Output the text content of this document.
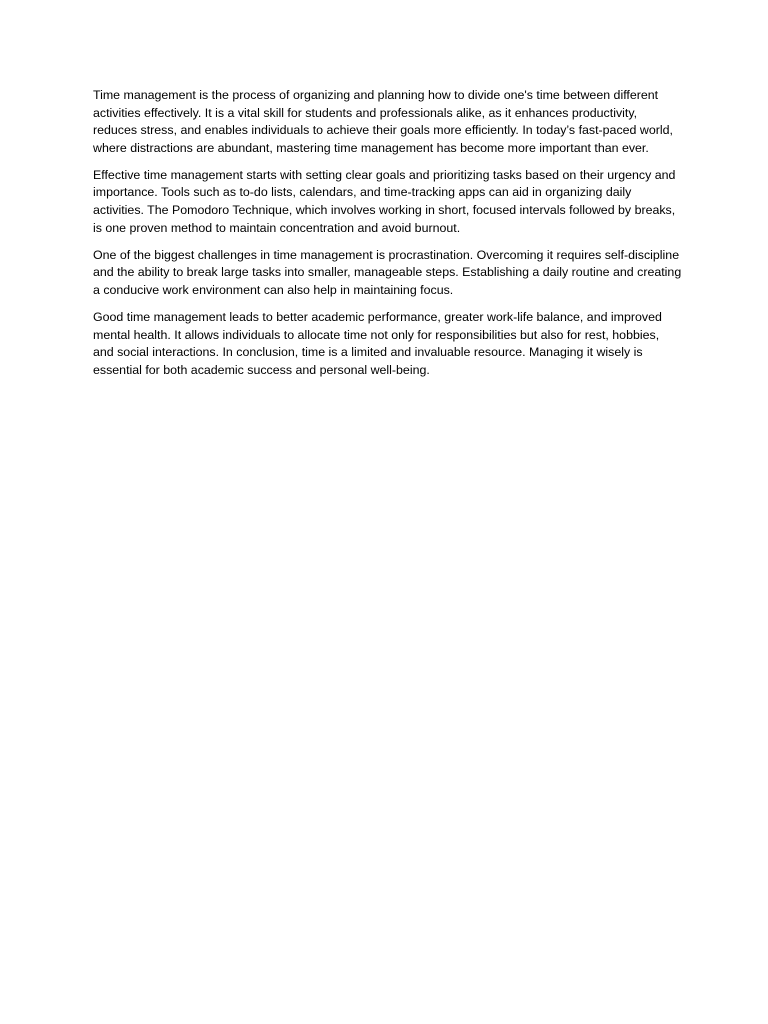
Time management is the process of organizing and planning how to divide one's time between different activities effectively. It is a vital skill for students and professionals alike, as it enhances productivity, reduces stress, and enables individuals to achieve their goals more efficiently. In today’s fast-paced world, where distractions are abundant, mastering time management has become more important than ever.

Effective time management starts with setting clear goals and prioritizing tasks based on their urgency and importance. Tools such as to-do lists, calendars, and time-tracking apps can aid in organizing daily activities. The Pomodoro Technique, which involves working in short, focused intervals followed by breaks, is one proven method to maintain concentration and avoid burnout.

One of the biggest challenges in time management is procrastination. Overcoming it requires self-discipline and the ability to break large tasks into smaller, manageable steps. Establishing a daily routine and creating a conducive work environment can also help in maintaining focus.

Good time management leads to better academic performance, greater work-life balance, and improved mental health. It allows individuals to allocate time not only for responsibilities but also for rest, hobbies, and social interactions. In conclusion, time is a limited and invaluable resource. Managing it wisely is essential for both academic success and personal well-being.
